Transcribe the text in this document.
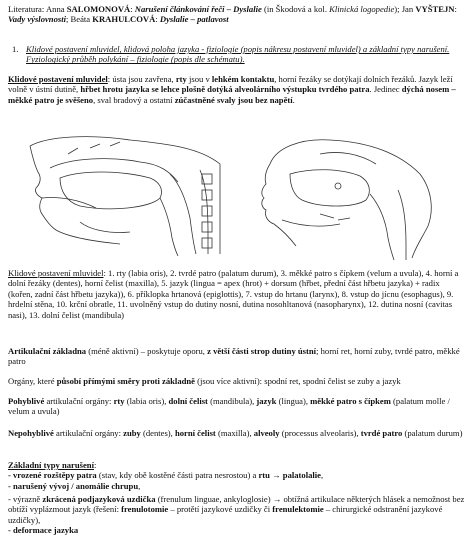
Literatura: Anna SALOMONOVÁ: Narušení článkování řeči – Dyslalie (in Škodová a kol. Klinická logopedie); Jan VYŠTEJN: Vady výslovnosti; Beáta KRAHULCOVÁ: Dyslalie – patlavost
1. Klidové postavení mluvidel, klidová poloha jazyka - fiziologie (popis nákresu postavení mluvidel) a základní typy narušení. Fyziologický průběh polykání – fiziologie (popis dle schématu).
Klidové postavení mluvidel: ústa jsou zavřena, rty jsou v lehkém kontaktu, horní řezáky se dotýkají dolních řezáků. Jazyk leží volně v ústní dutině, hřbet hrotu jazyka se lehce plošně dotýká alveolárního výstupku tvrdého patra. Jedinec dýchá nosem – měkké patro je svěšeno, sval bradový a ostatní zúčastněné svaly jsou bez napětí.
Klidové postavení mluvidel: 1. rty (labia oris), 2. tvrdé patro (palatum durum), 3. měkké patro s čípkem (velum a uvula), 4. horní a dolní řezáky (dentes), horní čelist (maxilla), 5. jazyk (lingua = apex (hrot) + dorsum (hřbet, přední část hřbetu jazyka) + radix (kořen, zadní část hřbetu jazyka)), 6. příklopka hrtanová (epiglottis), 7. vstup do hrtanu (larynx), 8. vstup do jícnu (esophagus), 9. hrdelní stěna, 10. krční obratle, 11. uvolněný vstup do dutiny nosní, dutina nosohltanová (nasopharynx), 12. dutina nosní (cavitas nasi), 13. dolní čelist (mandibula)
Artikulační základna (méně aktivní) – poskytuje oporu, z větší části strop dutiny ústní; horní ret, horní zuby, tvrdé patro, měkké patro
Orgány, které působí přímými směry proti základně (jsou více aktivní): spodní ret, spodní čelist se zuby a jazyk
Pohyblivé artikulační orgány: rty (labia oris), dolní čelist (mandibula), jazyk (lingua), měkké patro s čípkem (palatum molle / velum a uvula)
Nepohyblivé artikulační orgány: zuby (dentes), horní čelist (maxilla), alveoly (processus alveolaris), tvrdé patro (palatum durum)
Základní typy narušení:
- vrozené rozštěpy patra (stav, kdy obě kostěné části patra nesrostou) a rtu → palatolalie,
- narušený vývoj / anomálie chrupu,
- výrazně zkrácená podjazyková uzdička (frenulum linguae, ankyloglosie) → obtížná artikulace některých hlásek a nemožnost bez obtíží vyplázmout jazyk (řešení: frenulotomie – protětí jazykové uzdičky či frenulektomie – chirurgické odstranění jazykové uzdičky),
- deformace jazyka
